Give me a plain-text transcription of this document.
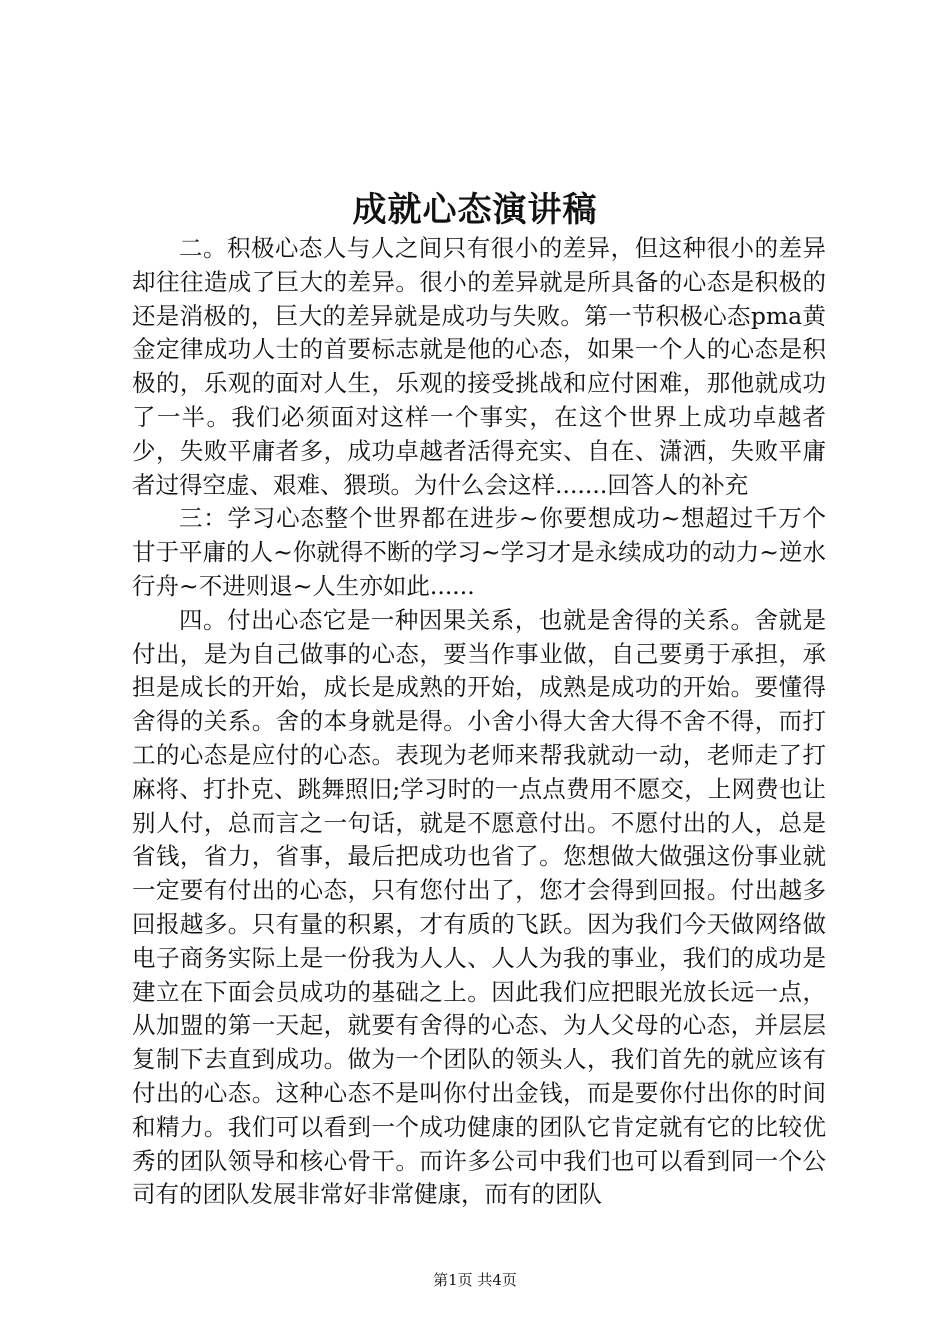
成就心态演讲稿

二。积极心态人与人之间只有很小的差异，但这种很小的差异却往往造成了巨大的差异。很小的差异就是所具备的心态是积极的还是消极的，巨大的差异就是成功与失败。第一节积极心态pma黄金定律成功人士的首要标志就是他的心态，如果一个人的心态是积极的，乐观的面对人生，乐观的接受挑战和应付困难，那他就成功了一半。我们必须面对这样一个事实，在这个世界上成功卓越者少，失败平庸者多，成功卓越者活得充实、自在、潇洒，失败平庸者过得空虚、艰难、猥琐。为什么会这样.......回答人的补充

三：学习心态整个世界都在进步~你要想成功~想超过千万个甘于平庸的人~你就得不断的学习~学习才是永续成功的动力~逆水行舟~不进则退~人生亦如此......

四。付出心态它是一种因果关系，也就是舍得的关系。舍就是付出，是为自己做事的心态，要当作事业做，自己要勇于承担，承担是成长的开始，成长是成熟的开始，成熟是成功的开始。要懂得舍得的关系。舍的本身就是得。小舍小得大舍大得不舍不得，而打工的心态是应付的心态。表现为老师来帮我就动一动，老师走了打麻将、打扑克、跳舞照旧;学习时的一点点费用不愿交，上网费也让别人付，总而言之一句话，就是不愿意付出。不愿付出的人，总是省钱，省力，省事，最后把成功也省了。您想做大做强这份事业就一定要有付出的心态，只有您付出了，您才会得到回报。付出越多回报越多。只有量的积累，才有质的飞跃。因为我们今天做网络做电子商务实际上是一份我为人人、人人为我的事业，我们的成功是建立在下面会员成功的基础之上。因此我们应把眼光放长远一点，从加盟的第一天起，就要有舍得的心态、为人父母的心态，并层层复制下去直到成功。做为一个团队的领头人，我们首先的就应该有付出的心态。这种心态不是叫你付出金钱，而是要你付出你的时间和精力。我们可以看到一个成功健康的团队它肯定就有它的比较优秀的团队领导和核心骨干。而许多公司中我们也可以看到同一个公司有的团队发展非常好非常健康，而有的团队

第1页 共4页
